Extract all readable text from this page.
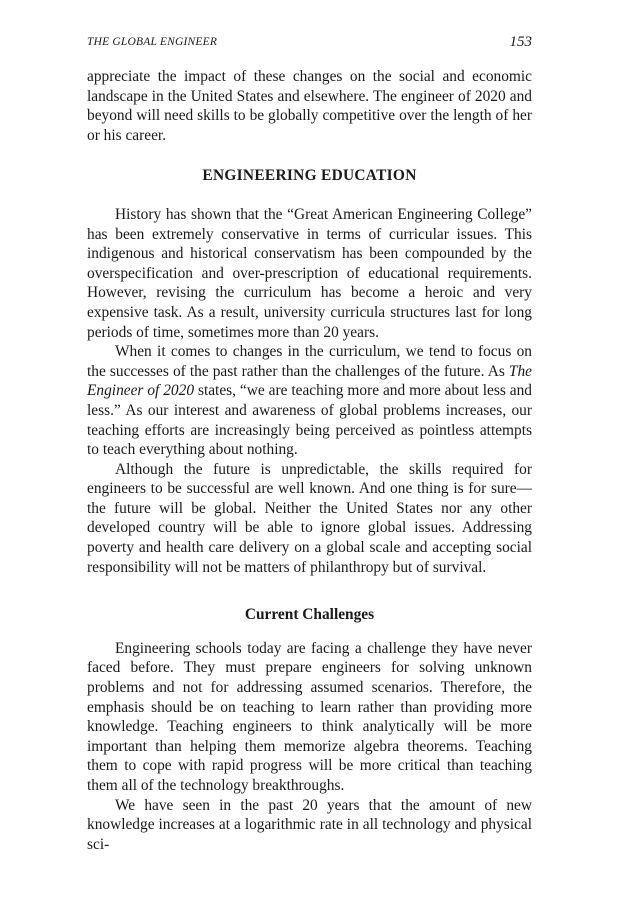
THE GLOBAL ENGINEER	153

appreciate the impact of these changes on the social and economic landscape in the United States and elsewhere. The engineer of 2020 and beyond will need skills to be globally competitive over the length of her or his career.

ENGINEERING EDUCATION

History has shown that the “Great American Engineering College” has been extremely conservative in terms of curricular issues. This indigenous and historical conservatism has been compounded by the overspecification and over-prescription of educational requirements. However, revising the curriculum has become a heroic and very expensive task. As a result, university curricula structures last for long periods of time, sometimes more than 20 years.

When it comes to changes in the curriculum, we tend to focus on the successes of the past rather than the challenges of the future. As The Engineer of 2020 states, “we are teaching more and more about less and less.” As our interest and awareness of global problems increases, our teaching efforts are increasingly being perceived as pointless attempts to teach everything about nothing.

Although the future is unpredictable, the skills required for engineers to be successful are well known. And one thing is for sure—the future will be global. Neither the United States nor any other developed country will be able to ignore global issues. Addressing poverty and health care delivery on a global scale and accepting social responsibility will not be matters of philanthropy but of survival.

Current Challenges

Engineering schools today are facing a challenge they have never faced before. They must prepare engineers for solving unknown problems and not for addressing assumed scenarios. Therefore, the emphasis should be on teaching to learn rather than providing more knowledge. Teaching engineers to think analytically will be more important than helping them memorize algebra theorems. Teaching them to cope with rapid progress will be more critical than teaching them all of the technology breakthroughs.

We have seen in the past 20 years that the amount of new knowledge increases at a logarithmic rate in all technology and physical sci-
